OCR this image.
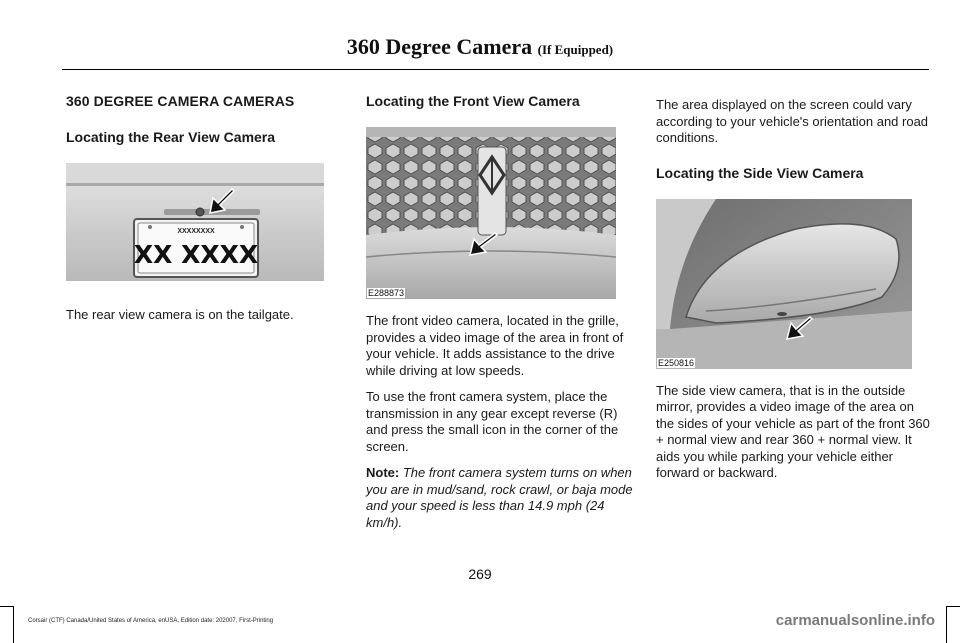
360 Degree Camera (If Equipped)
360 DEGREE CAMERA CAMERAS
Locating the Rear View Camera
XXXXXXXX
XX XXXX
The rear view camera is on the tailgate.
Locating the Front View Camera
E288873
The front video camera, located in the grille, provides a video image of the area in front of your vehicle. It adds assistance to the drive while driving at low speeds.
To use the front camera system, place the transmission in any gear except reverse (R) and press the small icon in the corner of the screen.
Note: The front camera system turns on when you are in mud/sand, rock crawl, or baja mode and your speed is less than 14.9 mph (24 km/h).
The area displayed on the screen could vary according to your vehicle's orientation and road conditions.
Locating the Side View Camera
E250816
The side view camera, that is in the outside mirror, provides a video image of the area on the sides of your vehicle as part of the front 360 + normal view and rear 360 + normal view. It aids you while parking your vehicle either forward or backward.
269
Corsair (CTF) Canada/United States of America, enUSA, Edition date: 202007, First-Printing	carmanualsonline.info
